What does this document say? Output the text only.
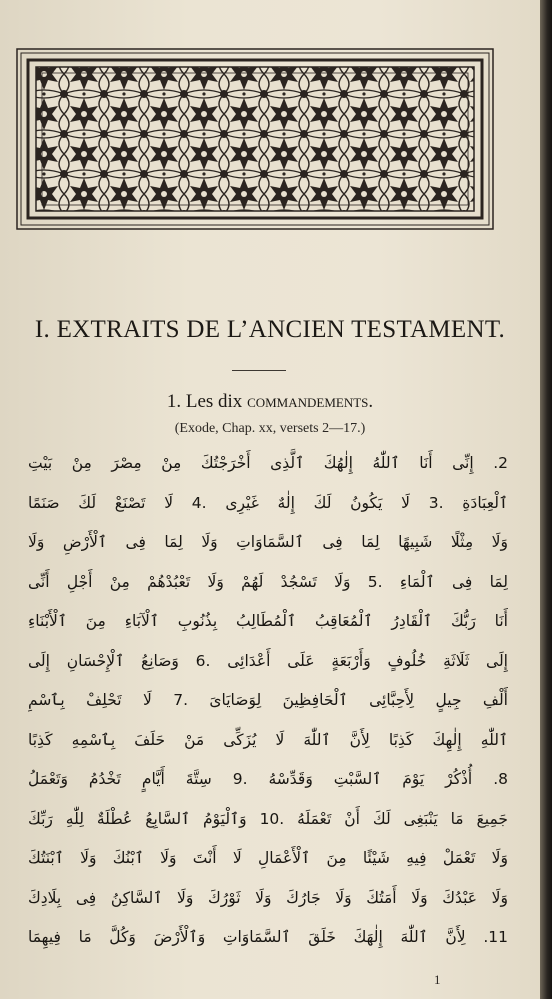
I. EXTRAITS DE L’ANCIEN TESTAMENT.
1. Les dix commandements.
(Exode, Chap. xx, versets 2—17.)
2. إِنِّى أَنَا ٱللّٰهُ إِلٰهُكَ ٱلَّذِى أَخْرَجْتُكَ مِنْ مِصْرَ مِنْ بَيْتِ
ٱلْعِبَادَةِ .3 لَا يَكُونُ لَكَ إِلٰهٌ غَيْرِى .4 لَا تَصْنَعْ لَكَ صَنَمًا
وَلَا مِثْلًا شَبِيهًا لِمَا فِى ٱلسَّمَاوَاتِ وَلَا لِمَا فِى ٱلْأَرْضِ وَلَا
لِمَا فِى ٱلْمَاءِ .5 وَلَا تَسْجُدْ لَهُمْ وَلَا تَعْبُدْهُمْ مِنْ أَجْلِ أَنِّى
أَنَا رَبُّكَ ٱلْقَادِرُ ٱلْمُعَاقِبُ ٱلْمُطَالِبُ بِذُنُوبِ ٱلْآبَاءِ مِنَ ٱلْأَبْنَاءِ
إِلَى ثَلَاثَةِ خُلُوفٍ وَأَرْبَعَةٍ عَلَى أَعْدَائِى .6 وَصَانِعُ ٱلْإِحْسَانِ إِلَى
أَلْفِ جِيلٍ لِأَحِبَّائِى ٱلْحَافِظِينَ لِوَصَايَاىَ .7 لَا تَحْلِفْ بِٱسْمِ
ٱللّٰهِ إِلٰهِكَ كَذِبًا لِأَنَّ ٱللّٰهَ لَا يُزَكِّى مَنْ حَلَفَ بِٱسْمِهِ كَذِبًا
8. أُذْكُرْ يَوْمَ ٱلسَّبْتِ وَقَدِّسْهُ .9 سِتَّةَ أَيَّامٍ تَخْدُمُ وَتَعْمَلُ
جَمِيعَ مَا يَنْبَغِى لَكَ أَنْ تَعْمَلَهُ .10 وَٱلْيَوْمُ ٱلسَّابِعُ عُطْلَةٌ لِلّٰهِ رَبِّكَ
وَلَا تَعْمَلْ فِيهِ شَيْئًا مِنَ ٱلْأَعْمَالِ لَا أَنْتَ وَلَا ٱبْنُكَ وَلَا ٱبْنَتُكَ
وَلَا عَبْدُكَ وَلَا أَمَتُكَ وَلَا جَارُكَ وَلَا ثَوْرُكَ وَلَا ٱلسَّاكِنُ فِى بِلَادِكَ
11. لِأَنَّ ٱللّٰهَ إِلٰهَكَ خَلَقَ ٱلسَّمَاوَاتِ وَٱلْأَرْضَ وَكُلَّ مَا فِيهِمَا
1
